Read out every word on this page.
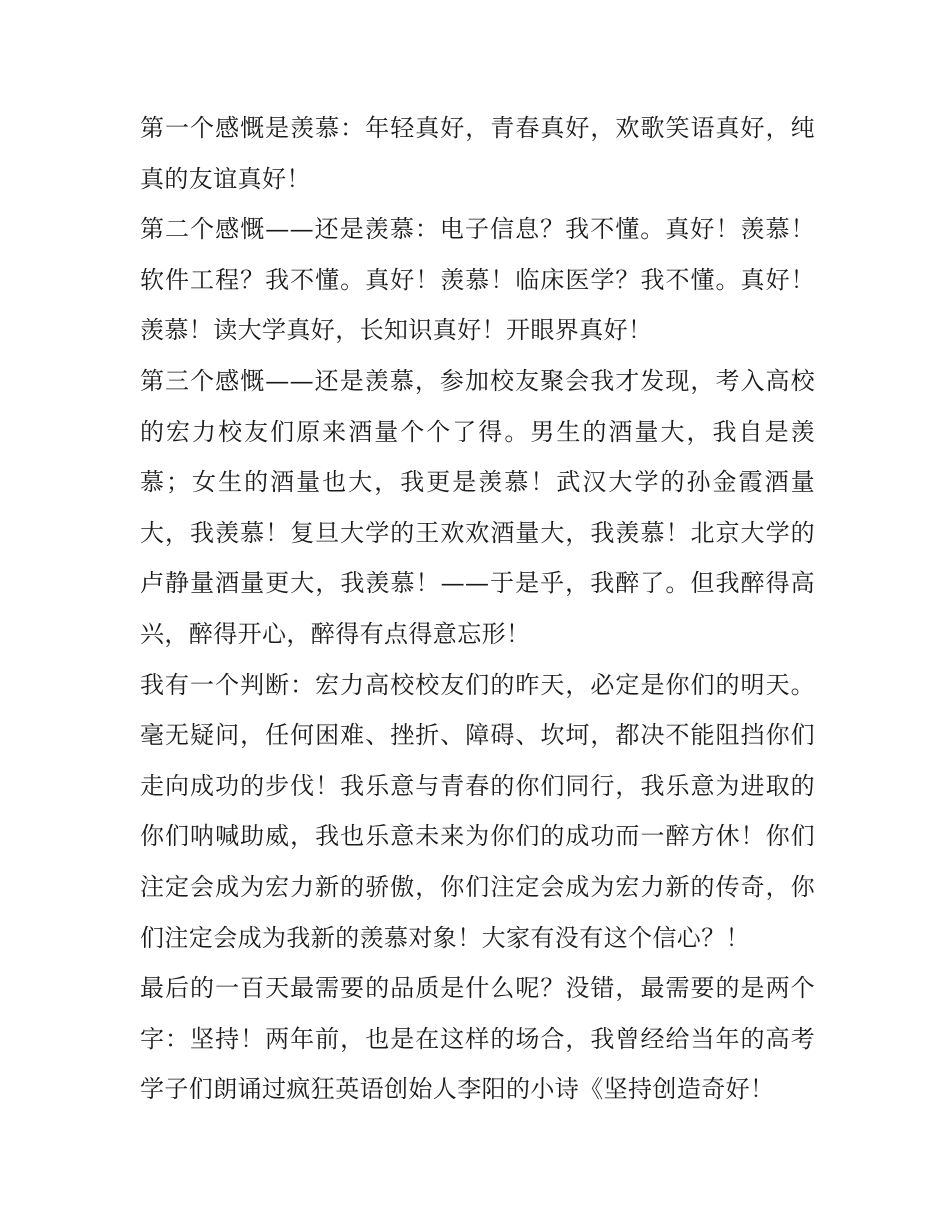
第一个感慨是羡慕：年轻真好，青春真好，欢歌笑语真好，纯真的友谊真好！

第二个感慨——还是羡慕：电子信息？我不懂。真好！羡慕！软件工程？我不懂。真好！羡慕！临床医学？我不懂。真好！羡慕！读大学真好，长知识真好！开眼界真好！

第三个感慨——还是羡慕，参加校友聚会我才发现，考入高校的宏力校友们原来酒量个个了得。男生的酒量大，我自是羡慕；女生的酒量也大，我更是羡慕！武汉大学的孙金霞酒量大，我羡慕！复旦大学的王欢欢酒量大，我羡慕！北京大学的卢静量酒量更大，我羡慕！——于是乎，我醉了。但我醉得高兴，醉得开心，醉得有点得意忘形！

我有一个判断：宏力高校校友们的昨天，必定是你们的明天。毫无疑问，任何困难、挫折、障碍、坎坷，都决不能阻挡你们走向成功的步伐！我乐意与青春的你们同行，我乐意为进取的你们呐喊助威，我也乐意未来为你们的成功而一醉方休！你们注定会成为宏力新的骄傲，你们注定会成为宏力新的传奇，你们注定会成为我新的羡慕对象！大家有没有这个信心？！

最后的一百天最需要的品质是什么呢？没错，最需要的是两个字：坚持！两年前，也是在这样的场合，我曾经给当年的高考学子们朗诵过疯狂英语创始人李阳的小诗《坚持创造奇好！
